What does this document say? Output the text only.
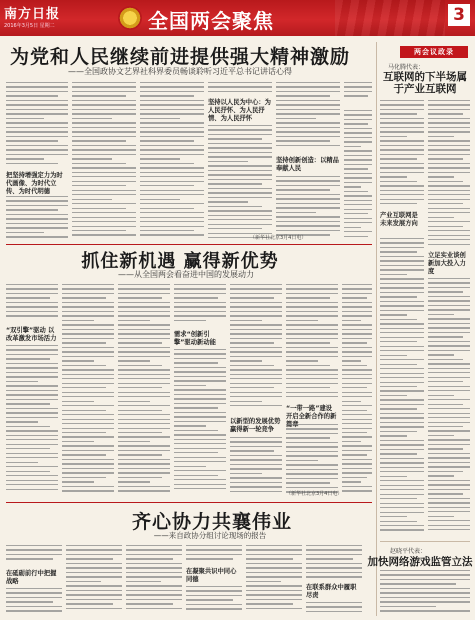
南方日报
2016年3月5日 星期二	全国两会聚焦	3
为党和人民继续前进提供强大精神激励
——全国政协文艺界社科界委员畅谈聆听习近平总书记讲话心得
把坚持增强定力为时代画像、为时代立传、为时代明德
坚持以人民为中心：为人民抒怀、为人民抒情、为人民抒怀
坚持创新创造：以精品奉献人民
（新华社北京3月4日电）
抓住新机遇 赢得新优势
——从全国两会看奋进中国的发展动力
“双引擎”驱动 以改革激发市场活力
需求“创新引擎”驱动新动能
以新型的发展优势赢得新一轮竞争
“一带一路”建设开启全新合作的新
（新华社北京3月4日电）
齐心协力共襄伟业
——来自政协分组讨论现场的报告
在砥砺前行中把握战略
在凝聚共识中同心同德
在联系群众中履职尽责
两会议政录
马化腾代表：
互联网的下半场属于产业互联网
产业互联网是未来发展方向
立足实业谈创新加大投入力度
赵晓平代表：
加快网络游戏监管立法
